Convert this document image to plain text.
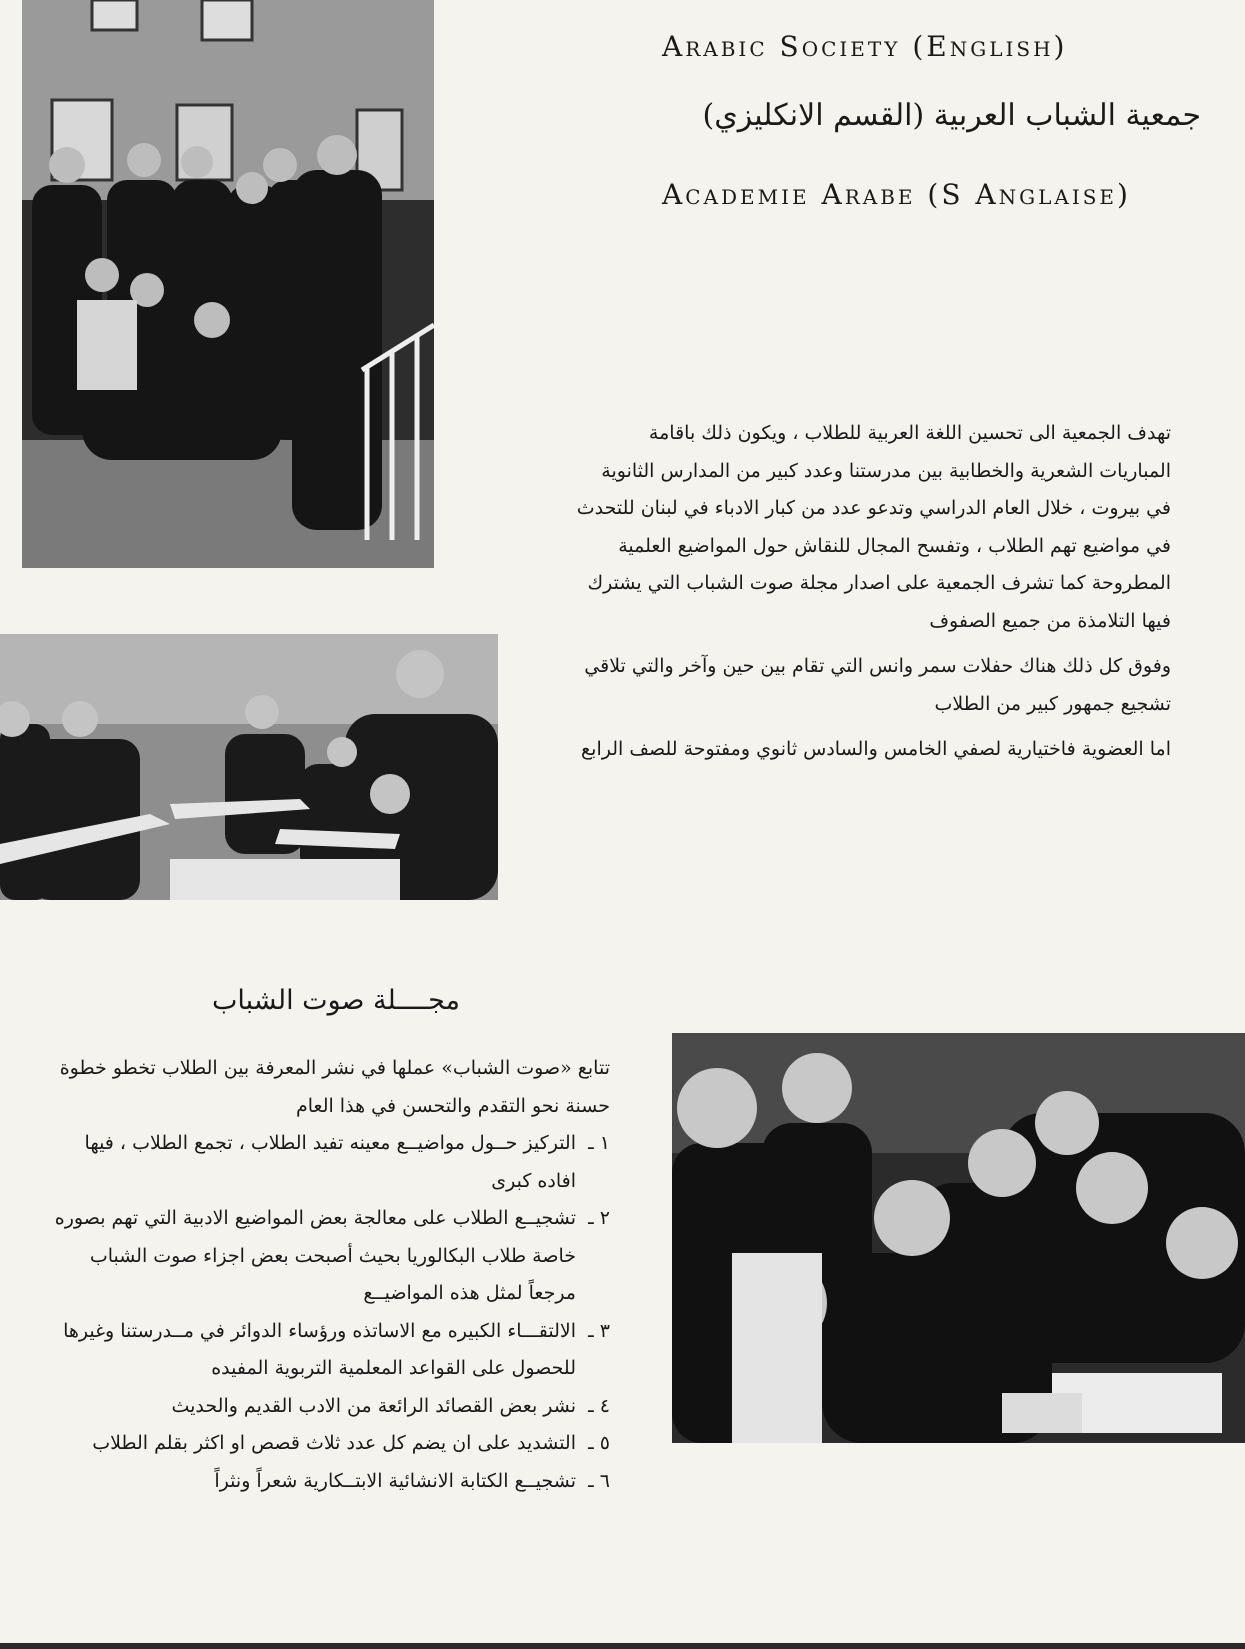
Arabic Society (English)
جمعية الشباب العربية (القسم الانكليزي)
Academie Arabe (S Anglaise)

تهدف الجمعية الى تحسين اللغة العربية للطلاب ، ويكون ذلك باقامة المباريات الشعرية والخطابية بين مدرستنا وعدد كبير من المدارس الثانوية في بيروت ، خلال العام الدراسي وتدعو عدد من كبار الادباء في لبنان للتحدث في مواضيع تهم الطلاب ، وتفسح المجال للنقاش حول المواضيع العلمية المطروحة كما تشرف الجمعية على اصدار مجلة صوت الشباب التي يشترك فيها التلامذة من جميع الصفوف

وفوق كل ذلك هناك حفلات سمر وانس التي تقام بين حين وآخر والتي تلاقي تشجيع جمهور كبير من الطلاب

اما العضوية فاختيارية لصفي الخامس والسادس ثانوي ومفتوحة للصف الرابع

مجــــلة صوت الشباب

تتابع «صوت الشباب» عملها في نشر المعرفة بين الطلاب تخطو خطوة حسنة نحو التقدم والتحسن في هذا العام

١ ـ
التركيز حــول مواضيــع معينه تفيد الطلاب ، تجمع الطلاب ، فيها افاده كبرى
٢ ـ
تشجيــع الطلاب على معالجة بعض المواضيع الادبية التي تهم بصوره خاصة طلاب البكالوريا بحيث أصبحت بعض اجزاء صوت الشباب مرجعاً لمثل هذه المواضيــع
٣ ـ
الالتقـــاء الكبيره مع الاساتذه ورؤساء الدوائر في مــدرستنا وغيرها للحصول على القواعد المعلمية التربوية المفيده
٤ ـ
نشر بعض القصائد الرائعة من الادب القديم والحديث
٥ ـ
التشديد على ان يضم كل عدد ثلاث قصص او اكثر بقلم الطلاب
٦ ـ
تشجيــع الكتابة الانشائية الابتــكارية شعراً ونثراً
